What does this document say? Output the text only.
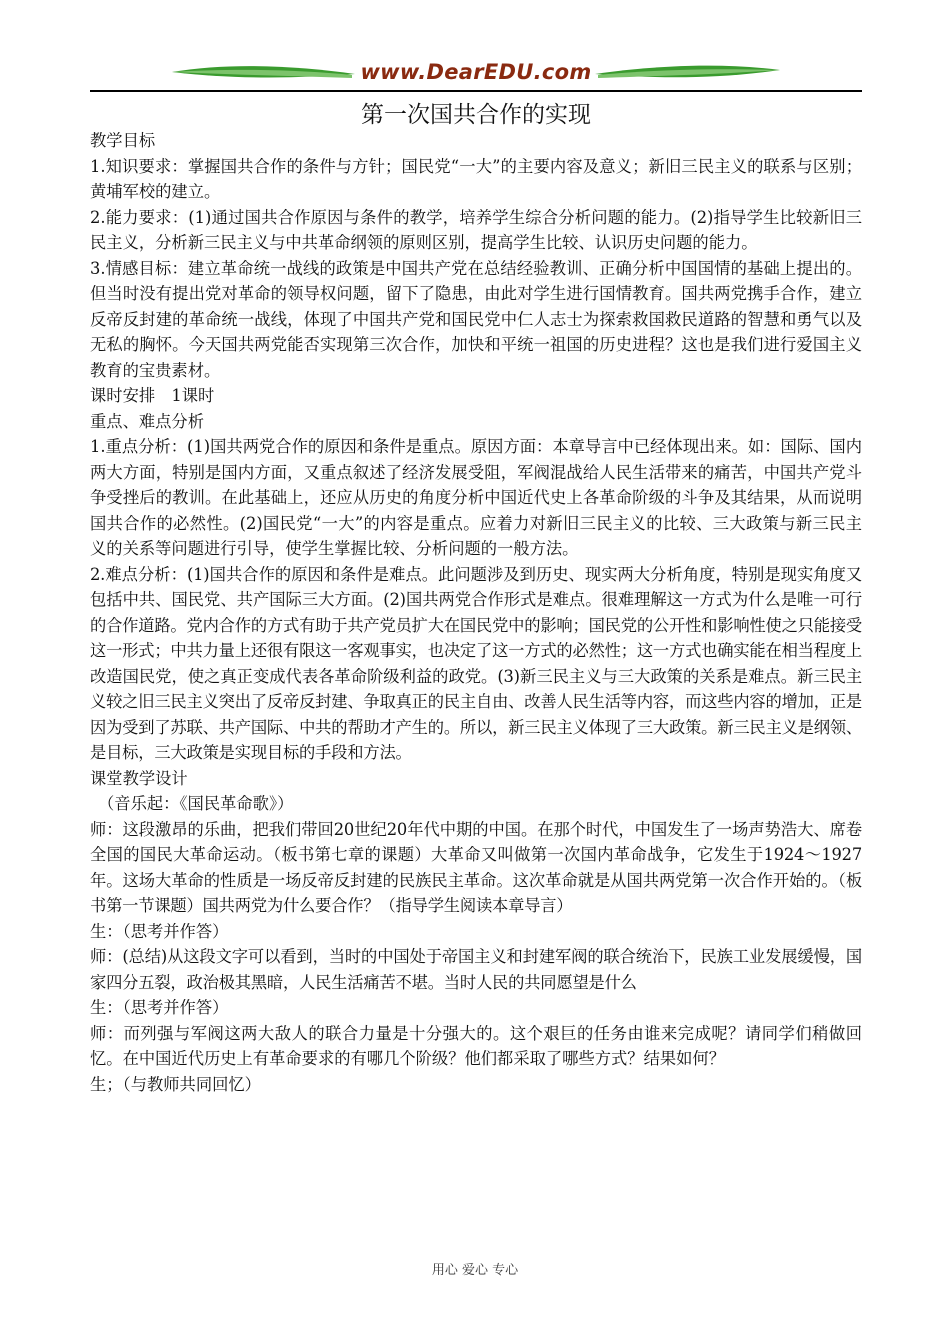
www.DearEDU.com
第一次国共合作的实现

教学目标

1.知识要求：掌握国共合作的条件与方针；国民党“一大”的主要内容及意义；新旧三民主义的联系与区别；黄埔军校的建立。

2.能力要求：(1)通过国共合作原因与条件的教学，培养学生综合分析问题的能力。(2)指导学生比较新旧三民主义，分析新三民主义与中共革命纲领的原则区别，提高学生比较、认识历史问题的能力。

3.情感目标：建立革命统一战线的政策是中国共产党在总结经验教训、正确分析中国国情的基础上提出的。但当时没有提出党对革命的领导权问题，留下了隐患，由此对学生进行国情教育。国共两党携手合作，建立反帝反封建的革命统一战线，体现了中国共产党和国民党中仁人志士为探索救国救民道路的智慧和勇气以及无私的胸怀。今天国共两党能否实现第三次合作，加快和平统一祖国的历史进程？这也是我们进行爱国主义教育的宝贵素材。

课时安排　1课时

重点、难点分析

1.重点分析：(1)国共两党合作的原因和条件是重点。原因方面：本章导言中已经体现出来。如：国际、国内两大方面，特别是国内方面，又重点叙述了经济发展受阻，军阀混战给人民生活带来的痛苦，中国共产党斗争受挫后的教训。在此基础上，还应从历史的角度分析中国近代史上各革命阶级的斗争及其结果，从而说明国共合作的必然性。(2)国民党“一大”的内容是重点。应着力对新旧三民主义的比较、三大政策与新三民主义的关系等问题进行引导，使学生掌握比较、分析问题的一般方法。

2.难点分析：(1)国共合作的原因和条件是难点。此问题涉及到历史、现实两大分析角度，特别是现实角度又包括中共、国民党、共产国际三大方面。(2)国共两党合作形式是难点。很难理解这一方式为什么是唯一可行的合作道路。党内合作的方式有助于共产党员扩大在国民党中的影响；国民党的公开性和影响性使之只能接受这一形式；中共力量上还很有限这一客观事实，也决定了这一方式的必然性；这一方式也确实能在相当程度上改造国民党，使之真正变成代表各革命阶级利益的政党。(3)新三民主义与三大政策的关系是难点。新三民主义较之旧三民主义突出了反帝反封建、争取真正的民主自由、改善人民生活等内容，而这些内容的增加，正是因为受到了苏联、共产国际、中共的帮助才产生的。所以，新三民主义体现了三大政策。新三民主义是纲领、是目标，三大政策是实现目标的手段和方法。

课堂教学设计

（音乐起：《国民革命歌》）

师：这段激昂的乐曲，把我们带回20世纪20年代中期的中国。在那个时代，中国发生了一场声势浩大、席卷全国的国民大革命运动。（板书第七章的课题）大革命又叫做第一次国内革命战争，它发生于1924～1927年。这场大革命的性质是一场反帝反封建的民族民主革命。这次革命就是从国共两党第一次合作开始的。（板书第一节课题）国共两党为什么要合作？（指导学生阅读本章导言）

生：（思考并作答）

师：(总结)从这段文字可以看到，当时的中国处于帝国主义和封建军阀的联合统治下，民族工业发展缓慢，国家四分五裂，政治极其黑暗，人民生活痛苦不堪。当时人民的共同愿望是什么

生：（思考并作答）

师：而列强与军阀这两大敌人的联合力量是十分强大的。这个艰巨的任务由谁来完成呢？请同学们稍做回忆。在中国近代历史上有革命要求的有哪几个阶级？他们都采取了哪些方式？结果如何？

生；（与教师共同回忆）

用心 爱心 专心
